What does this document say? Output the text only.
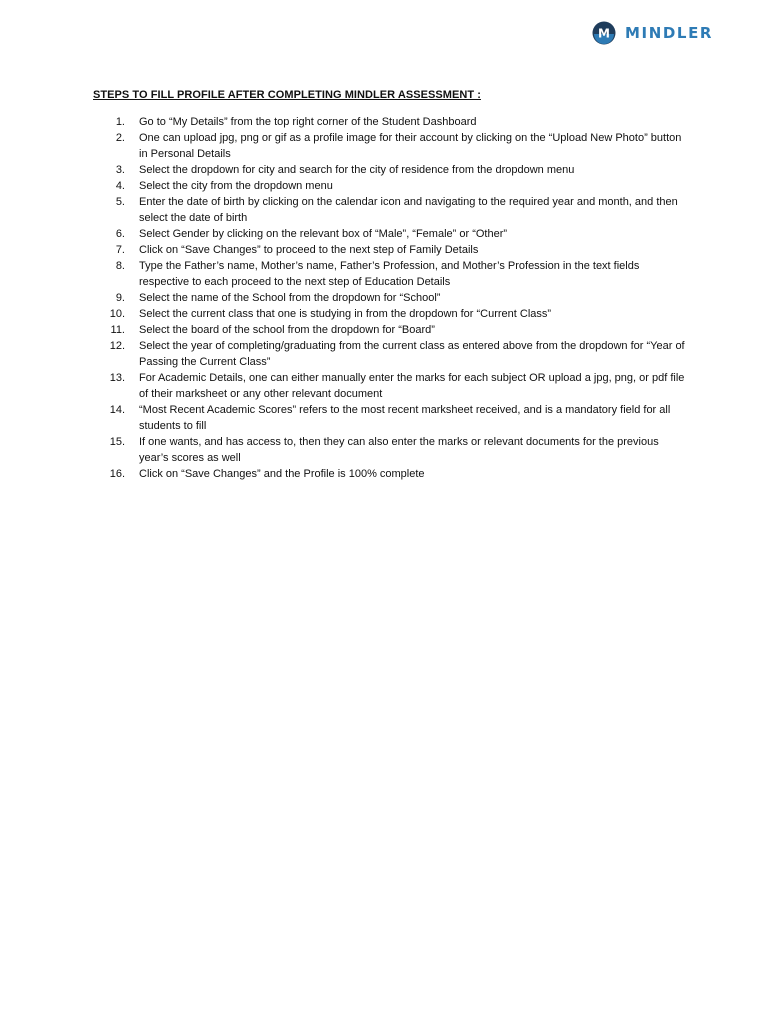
M MINDLER
STEPS TO FILL PROFILE AFTER COMPLETING MINDLER ASSESSMENT :
1.	Go to “My Details” from the top right corner of the Student Dashboard
2.	One can upload jpg, png or gif as a profile image for their account by clicking on the “Upload New Photo” button in Personal Details
3.	Select the dropdown for city and search for the city of residence from the dropdown menu
4.	Select the city from the dropdown menu
5.	Enter the date of birth by clicking on the calendar icon and navigating to the required year and month, and then select the date of birth
6.	Select Gender by clicking on the relevant box of “Male”, “Female” or “Other”
7.	Click on “Save Changes” to proceed to the next step of Family Details
8.	Type the Father’s name, Mother’s name, Father’s Profession, and Mother’s Profession in the text fields respective to each proceed to the next step of Education Details
9.	Select the name of the School from the dropdown for “School”
10.	Select the current class that one is studying in from the dropdown for “Current Class”
11.	Select the board of the school from the dropdown for “Board”
12.	Select the year of completing/graduating from the current class as entered above from the dropdown for “Year of Passing the Current Class”
13.	For Academic Details, one can either manually enter the marks for each subject OR upload a jpg, png, or pdf file of their marksheet or any other relevant document
14.	“Most Recent Academic Scores” refers to the most recent marksheet received, and is a mandatory field for all students to fill
15.	If one wants, and has access to, then they can also enter the marks or relevant documents for the previous year’s scores as well
16.	Click on “Save Changes” and the Profile is 100% complete
